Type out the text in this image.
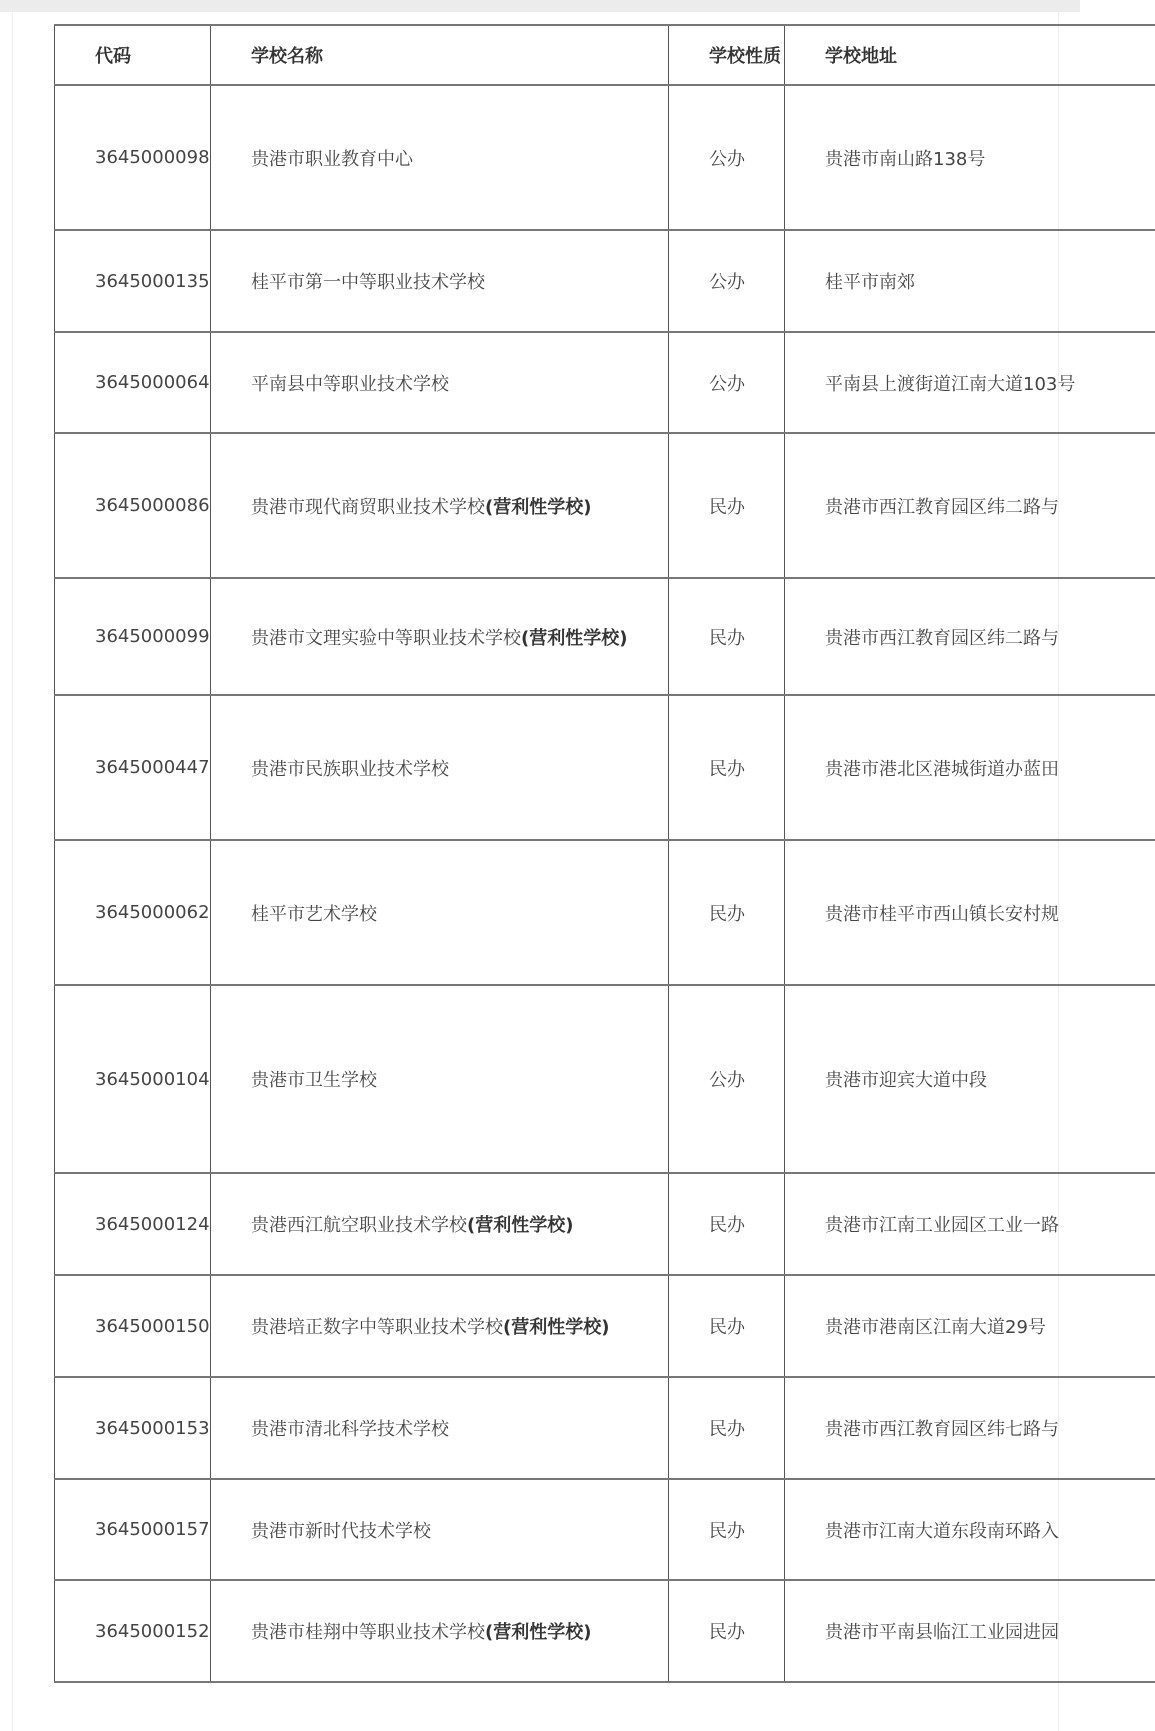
代码	学校名称	学校性质	学校地址
3645000098	贵港市职业教育中心	公办	贵港市南山路138号
3645000135	桂平市第一中等职业技术学校	公办	桂平市南郊
3645000064	平南县中等职业技术学校	公办	平南县上渡街道江南大道103号
3645000086	贵港市现代商贸职业技术学校(营利性学校)	民办	贵港市西江教育园区纬二路与
3645000099	贵港市文理实验中等职业技术学校(营利性学校)	民办	贵港市西江教育园区纬二路与
3645000447	贵港市民族职业技术学校	民办	贵港市港北区港城街道办蓝田
3645000062	桂平市艺术学校	民办	贵港市桂平市西山镇长安村规
3645000104	贵港市卫生学校	公办	贵港市迎宾大道中段
3645000124	贵港西江航空职业技术学校(营利性学校)	民办	贵港市江南工业园区工业一路
3645000150	贵港培正数字中等职业技术学校(营利性学校)	民办	贵港市港南区江南大道29号
3645000153	贵港市清北科学技术学校	民办	贵港市西江教育园区纬七路与
3645000157	贵港市新时代技术学校	民办	贵港市江南大道东段南环路入
3645000152	贵港市桂翔中等职业技术学校(营利性学校)	民办	贵港市平南县临江工业园进园
